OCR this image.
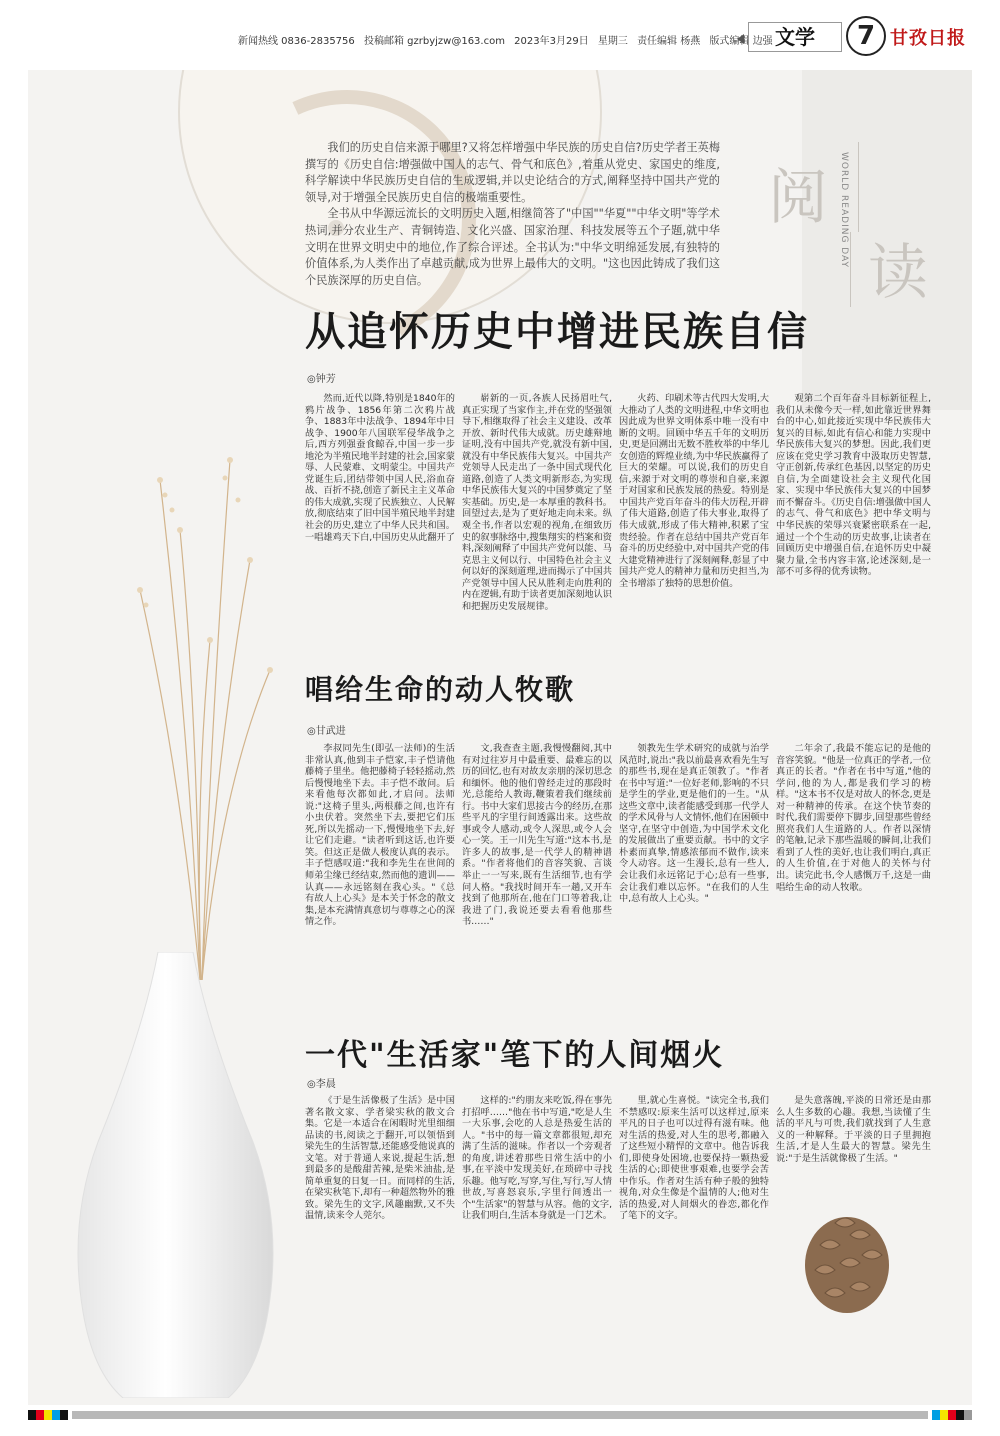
新闻热线 0836-2835756 投稿邮箱 gzrbyjzw@163.com 2023年3月29日 星期三 责任编辑 杨燕 版式编辑 边强 文学	7 甘孜日报
阅
读
WORLD READING DAY

我们的历史自信来源于哪里?又将怎样增强中华民族的历史自信?历史学者王英梅撰写的《历史自信:增强做中国人的志气、骨气和底色》,着重从党史、家国史的维度,科学解读中华民族历史自信的生成逻辑,并以史论结合的方式,阐释坚持中国共产党的领导,对于增强全民族历史自信的极端重要性。

全书从中华源远流长的文明历史入题,相继简答了"中国""华夏""中华文明"等学术热词,并分农业生产、青铜铸造、文化兴盛、国家治理、科技发展等五个子题,就中华文明在世界文明史中的地位,作了综合评述。全书认为:"中华文明绵延发展,有独特的价值体系,为人类作出了卓越贡献,成为世界上最伟大的文明。"这也因此铸成了我们这个民族深厚的历史自信。

从追怀历史中增进民族自信
◎钟芳

然而,近代以降,特别是1840年的鸦片战争、1856年第二次鸦片战争、1883年中法战争、1894年中日战争、1900年八国联军侵华战争之后,西方列强蚕食鲸吞,中国一步一步地沦为半殖民地半封建的社会,国家蒙辱、人民蒙难、文明蒙尘。中国共产党诞生后,团结带领中国人民,浴血奋战、百折不挠,创造了新民主主义革命的伟大成就,实现了民族独立、人民解放,彻底结束了旧中国半殖民地半封建社会的历史,建立了中华人民共和国。一唱雄鸡天下白,中国历史从此翻开了

崭新的一页,各族人民扬眉吐气,真正实现了当家作主,并在党的坚强领导下,相继取得了社会主义建设、改革开放、新时代伟大成就。历史雄辩地证明,没有中国共产党,就没有新中国,就没有中华民族伟大复兴。中国共产党领导人民走出了一条中国式现代化道路,创造了人类文明新形态,为实现中华民族伟大复兴的中国梦奠定了坚实基础。历史,是一本厚重的教科书。回望过去,是为了更好地走向未来。纵观全书,作者以宏观的视角,在细致历史的叙事脉络中,搜集翔实的档案和资料,深刻阐释了中国共产党何以能、马克思主义何以行、中国特色社会主义何以好的深刻道理,进而揭示了中国共产党领导中国人民从胜利走向胜利的内在逻辑,有助于读者更加深刻地认识和把握历史发展规律。

火药、印刷术等古代四大发明,大大推动了人类的文明进程,中华文明也因此成为世界文明体系中唯一没有中断的文明。回顾中华五千年的文明历史,更是回溯出无数不胜枚举的中华儿女创造的辉煌业绩,为中华民族赢得了巨大的荣耀。可以说,我们的历史自信,来源于对文明的尊崇和自豪,来源于对国家和民族发展的热爱。特别是中国共产党百年奋斗的伟大历程,开辟了伟大道路,创造了伟大事业,取得了伟大成就,形成了伟大精神,积累了宝贵经验。作者在总结中国共产党百年奋斗的历史经验中,对中国共产党的伟大建党精神进行了深刻阐释,彰显了中国共产党人的精神力量和历史担当,为全书增添了独特的思想价值。

观第二个百年奋斗目标新征程上,我们从未像今天一样,如此靠近世界舞台的中心,如此接近实现中华民族伟大复兴的目标,如此有信心和能力实现中华民族伟大复兴的梦想。因此,我们更应该在党史学习教育中汲取历史智慧,守正创新,传承红色基因,以坚定的历史自信,为全面建设社会主义现代化国家、实现中华民族伟大复兴的中国梦而不懈奋斗。《历史自信:增强做中国人的志气、骨气和底色》把中华文明与中华民族的荣辱兴衰紧密联系在一起,通过一个个生动的历史故事,让读者在回顾历史中增强自信,在追怀历史中凝聚力量,全书内容丰富,论述深刻,是一部不可多得的优秀读物。

唱给生命的动人牧歌
◎甘武进

李叔同先生(即弘一法师)的生活非常认真,他到丰子恺家,丰子恺请他藤椅子里坐。他把藤椅子轻轻摇动,然后慢慢地坐下去。丰子恺不敢问。后来看他每次都如此,才启问。法师说:"这椅子里头,两根藤之间,也许有小虫伏着。突然坐下去,要把它们压死,所以先摇动一下,慢慢地坐下去,好让它们走避。"读者听到这话,也许要笑。但这正是做人极度认真的表示。丰子恺感叹道:"我和李先生在世间的师弟尘缘已经结束,然而他的遗训——认真——永远铭刻在我心头。"《总有故人上心头》是本关于怀念的散文集,是本充满情真意切与尊尊之心的深情之作。

文,我查查主题,我慢慢翻阅,其中有对过往岁月中最重要、最难忘的以历的回忆,也有对故友亲朋的深切思念和缅怀。他的他们曾经走过的那段时光,总能给人教诲,鞭策着我们继续前行。书中大家们思接古今的经历,在那些平凡的字里行间透露出来。这些故事或令人感动,或令人深思,或令人会心一笑。王一川先生写道:"这本书,是许多人的故事,是一代学人的精神谱系。"作者将他们的音容笑貌、言谈举止一一写来,既有生活细节,也有学问人格。"我找时间开车一趟,又开车找到了他那所在,他在门口等着我,让我进了门,我说还要去看看他那些书……"

领教先生学术研究的成就与治学风范时,说出:"我以前最喜欢看先生写的那些书,现在是真正领教了。"作者在书中写道:"一位好老师,影响的不只是学生的学业,更是他们的一生。"从这些文章中,读者能感受到那一代学人的学术风骨与人文情怀,他们在困顿中坚守,在坚守中创造,为中国学术文化的发展做出了重要贡献。书中的文字朴素而真挚,情感浓郁而不做作,读来令人动容。这一生漫长,总有一些人,会让我们永远铭记于心;总有一些事,会让我们难以忘怀。"在我们的人生中,总有故人上心头。"

二年余了,我最不能忘记的是他的音容笑貌。"他是一位真正的学者,一位真正的长者。"作者在书中写道,"他的学问,他的为人,都是我们学习的榜样。"这本书不仅是对故人的怀念,更是对一种精神的传承。在这个快节奏的时代,我们需要停下脚步,回望那些曾经照亮我们人生道路的人。作者以深情的笔触,记录下那些温暖的瞬间,让我们看到了人性的美好,也让我们明白,真正的人生价值,在于对他人的关怀与付出。读完此书,令人感慨万千,这是一曲唱给生命的动人牧歌。

一代"生活家"笔下的人间烟火
◎李晨

《于是生活像极了生活》是中国著名散文家、学者梁实秋的散文合集。它是一本适合在闲暇时光里细细品读的书,阅读之于翻开,可以领悟到梁先生的生活智慧,还能感受他说真的文笔。对于普通人来说,提起生活,想到最多的是酸甜苦辣,是柴米油盐,是简单重复的日复一日。而同样的生活,在梁实秋笔下,却有一种超然物外的雅致。梁先生的文字,风趣幽默,又不失温情,读来令人莞尔。

这样的:"约朋友来吃饭,得在事先打招呼……"他在书中写道,"吃是人生一大乐事,会吃的人总是热爱生活的人。"书中的每一篇文章都很短,却充满了生活的滋味。作者以一个旁观者的角度,讲述着那些日常生活中的小事,在平淡中发现美好,在琐碎中寻找乐趣。他写吃,写穿,写住,写行,写人情世故,写喜怒哀乐,字里行间透出一个"生活家"的智慧与从容。他的文字,让我们明白,生活本身就是一门艺术。

里,就心生喜悦。"读完全书,我们不禁感叹:原来生活可以这样过,原来平凡的日子也可以过得有滋有味。他对生活的热爱,对人生的思考,都融入了这些短小精悍的文章中。他告诉我们,即使身处困境,也要保持一颗热爱生活的心;即使世事艰难,也要学会苦中作乐。作者对生活有种子般的独特视角,对众生像是个温情的人;他对生活的热爱,对人间烟火的眷恋,都化作了笔下的文字。

是失意落魄,平淡的日常还是由那么人生多数的心趣。我想,当读懂了生活的平凡与可贵,我们就找到了人生意义的一种解释。于平淡的日子里拥抱生活,才是人生最大的智慧。梁先生说:"于是生活就像极了生活。"
